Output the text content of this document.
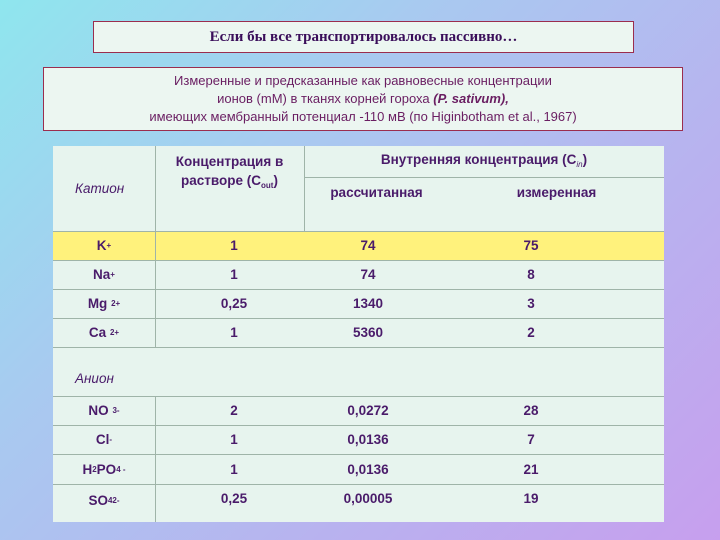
Если бы все транспортировалось пассивно…
Измеренные и предсказанные как равновесные концентрации
ионов (mM) в тканях корней гороха (P. sativum),
имеющих мембранный потенциал -110 мВ (по Higinbotham et al., 1967)
Катион
Концентрация в растворе $(C_{out})$
Внутренняя концентрация $(C_{in})$
рассчитанная	измеренная
K +	1	74	75
Na +	1	74	8
Mg 2+	0,25	1340	3
Ca 2+	1	5360	2
Анион
NO 3-	2	0,0272	28
Cl -	1	0,0136	7
H 2 PO 4 -	1	0,0136	21
SO 4 2-	0,25	0,00005	19
